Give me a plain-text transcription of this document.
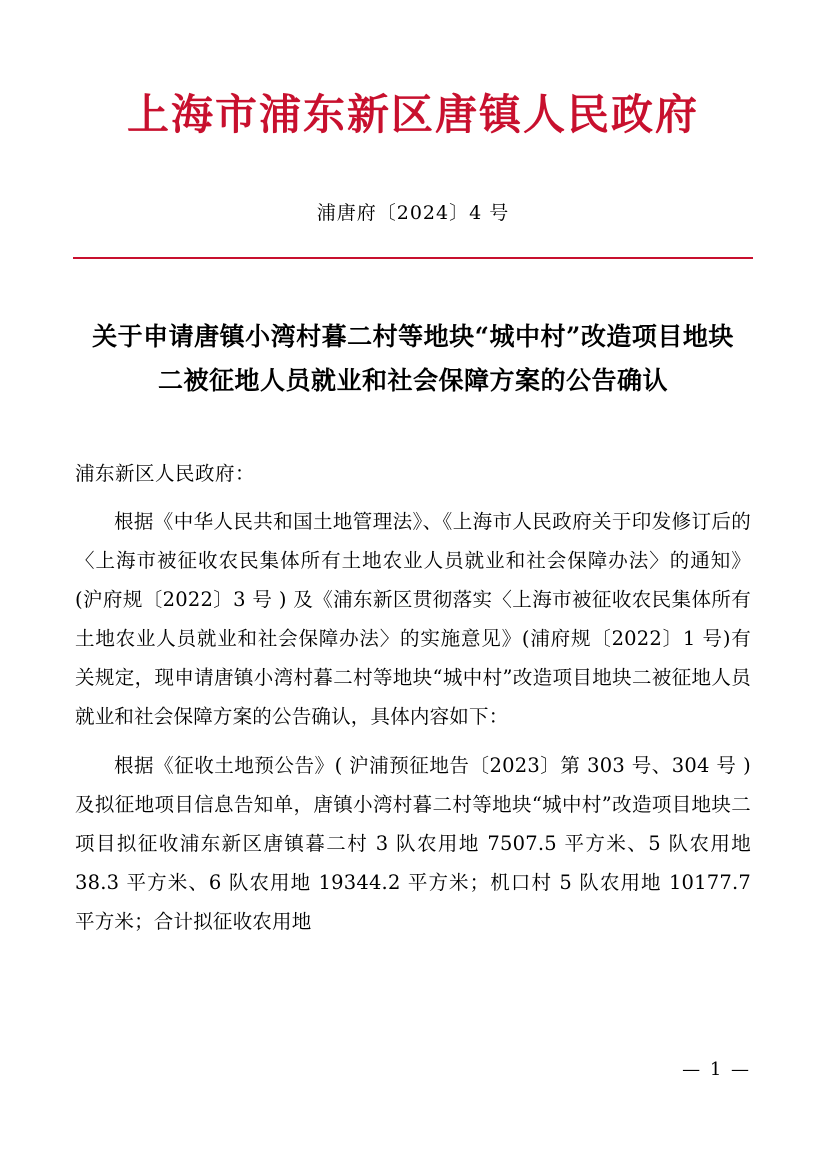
上海市浦东新区唐镇人民政府
浦唐府〔2024〕4 号
关于申请唐镇小湾村暮二村等地块“城中村”改造项目地块二被征地人员就业和社会保障方案的公告确认
浦东新区人民政府：
根据《中华人民共和国土地管理法》、《上海市人民政府关于印发修订后的〈上海市被征收农民集体所有土地农业人员就业和社会保障办法〉的通知》(沪府规〔2022〕3 号 ) 及《浦东新区贯彻落实〈上海市被征收农民集体所有土地农业人员就业和社会保障办法〉的实施意见》(浦府规〔2022〕1 号)有关规定，现申请唐镇小湾村暮二村等地块“城中村”改造项目地块二被征地人员就业和社会保障方案的公告确认，具体内容如下：
根据《征收土地预公告》( 沪浦预征地告〔2023〕第 303 号、304 号 ) 及拟征地项目信息告知单，唐镇小湾村暮二村等地块“城中村”改造项目地块二项目拟征收浦东新区唐镇暮二村 3 队农用地 7507.5 平方米、5 队农用地 38.3 平方米、6 队农用地 19344.2 平方米；机口村 5 队农用地 10177.7 平方米；合计拟征收农用地
— 1 —
